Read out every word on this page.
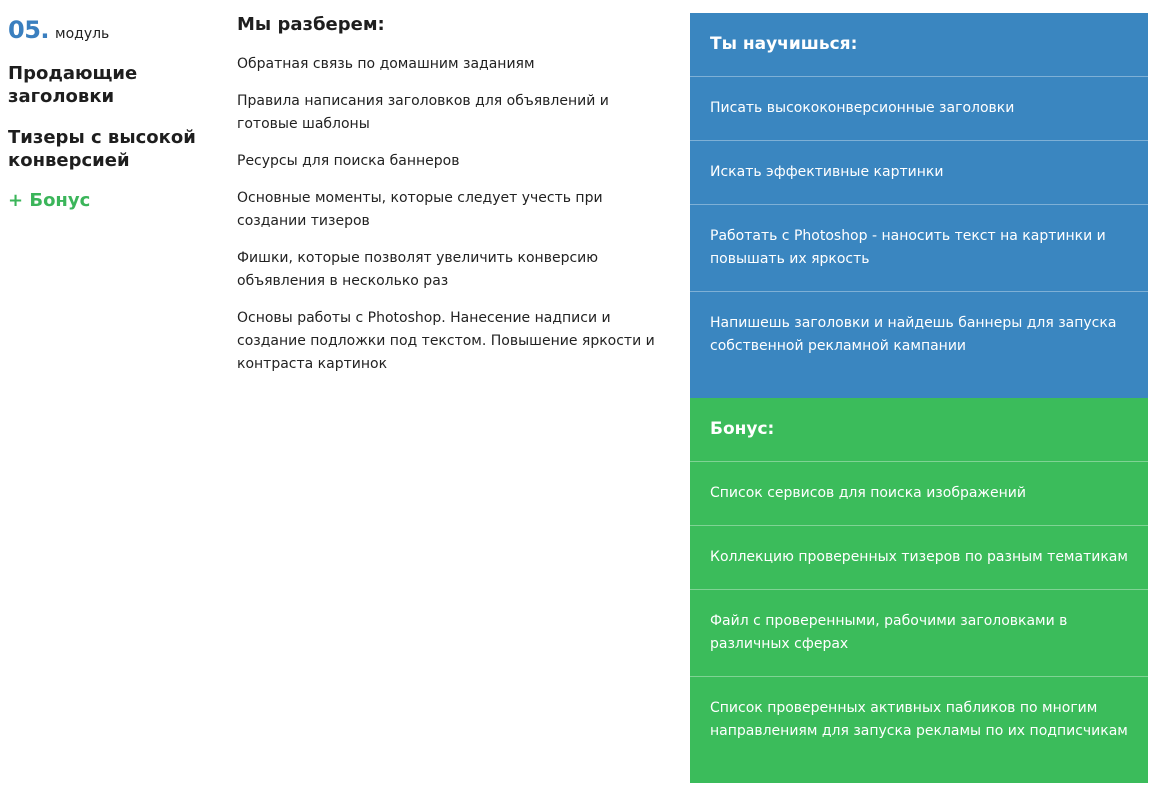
05. модуль
Продающие заголовки
Тизеры с высокой конверсией
+ Бонус
Мы разберем:
Обратная связь по домашним заданиям
Правила написания заголовков для объявлений и готовые шаблоны
Ресурсы для поиска баннеров
Основные моменты, которые следует учесть при создании тизеров
Фишки, которые позволят увеличить конверсию объявления в несколько раз
Основы работы с Photoshop. Нанесение надписи и создание подложки под текстом. Повышение яркости и контраста картинок
Ты научишься:
Писать высококонверсионные заголовки
Искать эффективные картинки
Работать с Photoshop - наносить текст на картинки и повышать их яркость
Напишешь заголовки и найдешь баннеры для запуска собственной рекламной кампании
Бонус:
Список сервисов для поиска изображений
Коллекцию проверенных тизеров по разным тематикам
Файл с проверенными, рабочими заголовками в различных сферах
Список проверенных активных пабликов по многим направлениям для запуска рекламы по их подписчикам
